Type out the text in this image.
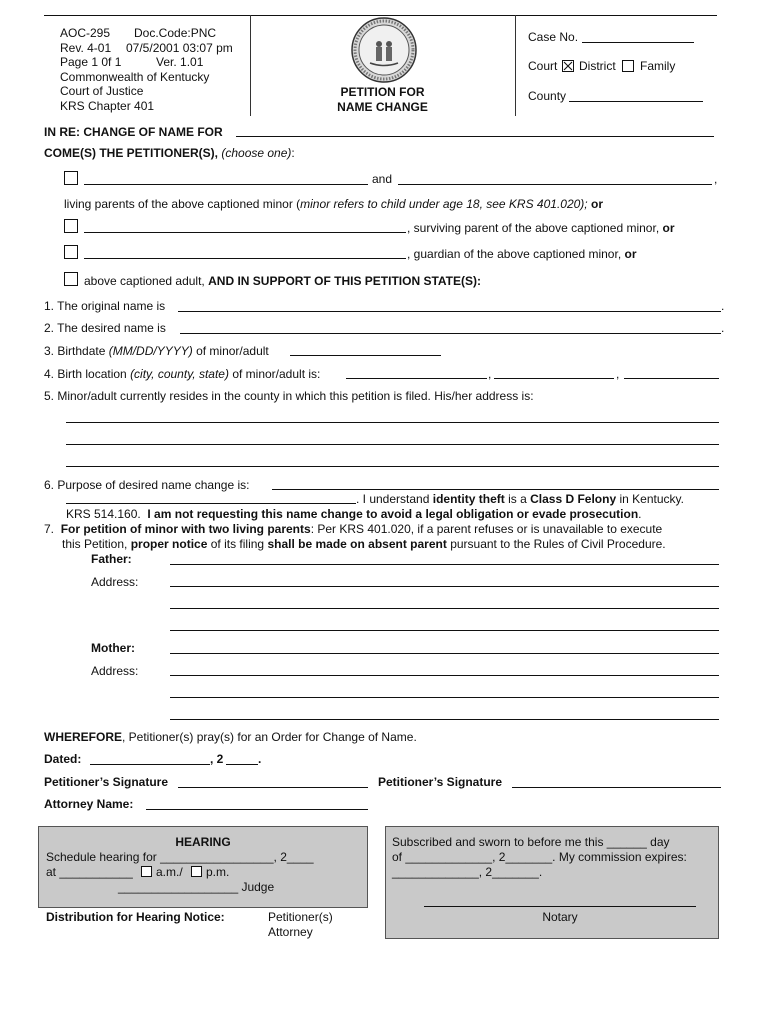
AOC-295 Doc.Code:PNC
Rev. 4-01 07/5/2001 03:07 pm
Page 1 0f 1	Ver. 1.01
Commonwealth of Kentucky
Court of Justice
KRS Chapter 401
PETITION FOR
NAME CHANGE
Case No.
Court District Family
County
IN RE: CHANGE OF NAME FOR
COME(S) THE PETITIONER(S), (choose one):
and	,
living parents of the above captioned minor (minor refers to child under age 18, see KRS 401.020); or
, surviving parent of the above captioned minor, or
, guardian of the above captioned minor, or
above captioned adult, AND IN SUPPORT OF THIS PETITION STATE(S):
1. The original name is	.
2. The desired name is	.
3. Birthdate (MM/DD/YYYY) of minor/adult
4. Birth location (city, county, state) of minor/adult is:	,	,
5. Minor/adult currently resides in the county in which this petition is filed. His/her address is:
6. Purpose of desired name change is:
. I understand identity theft is a Class D Felony in Kentucky.
KRS 514.160. I am not requesting this name change to avoid a legal obligation or evade prosecution.
7. For petition of minor with two living parents: Per KRS 401.020, if a parent refuses or is unavailable to execute
this Petition, proper notice of its filing shall be made on absent parent pursuant to the Rules of Civil Procedure.
Father:
Address:
Mother:
Address:
WHEREFORE, Petitioner(s) pray(s) for an Order for Change of Name.
Dated:	, 2	.
Petitioner’s Signature	Petitioner’s Signature
Attorney Name:
HEARING
Schedule hearing for _________________, 2____
at ___________ a.m./ p.m.
__________________ Judge
Distribution for Hearing Notice:	Petitioner(s)
Attorney
Subscribed and sworn to before me this ______ day
of _____________, 2_______. My commission expires:
_____________, 2_______.
Notary
